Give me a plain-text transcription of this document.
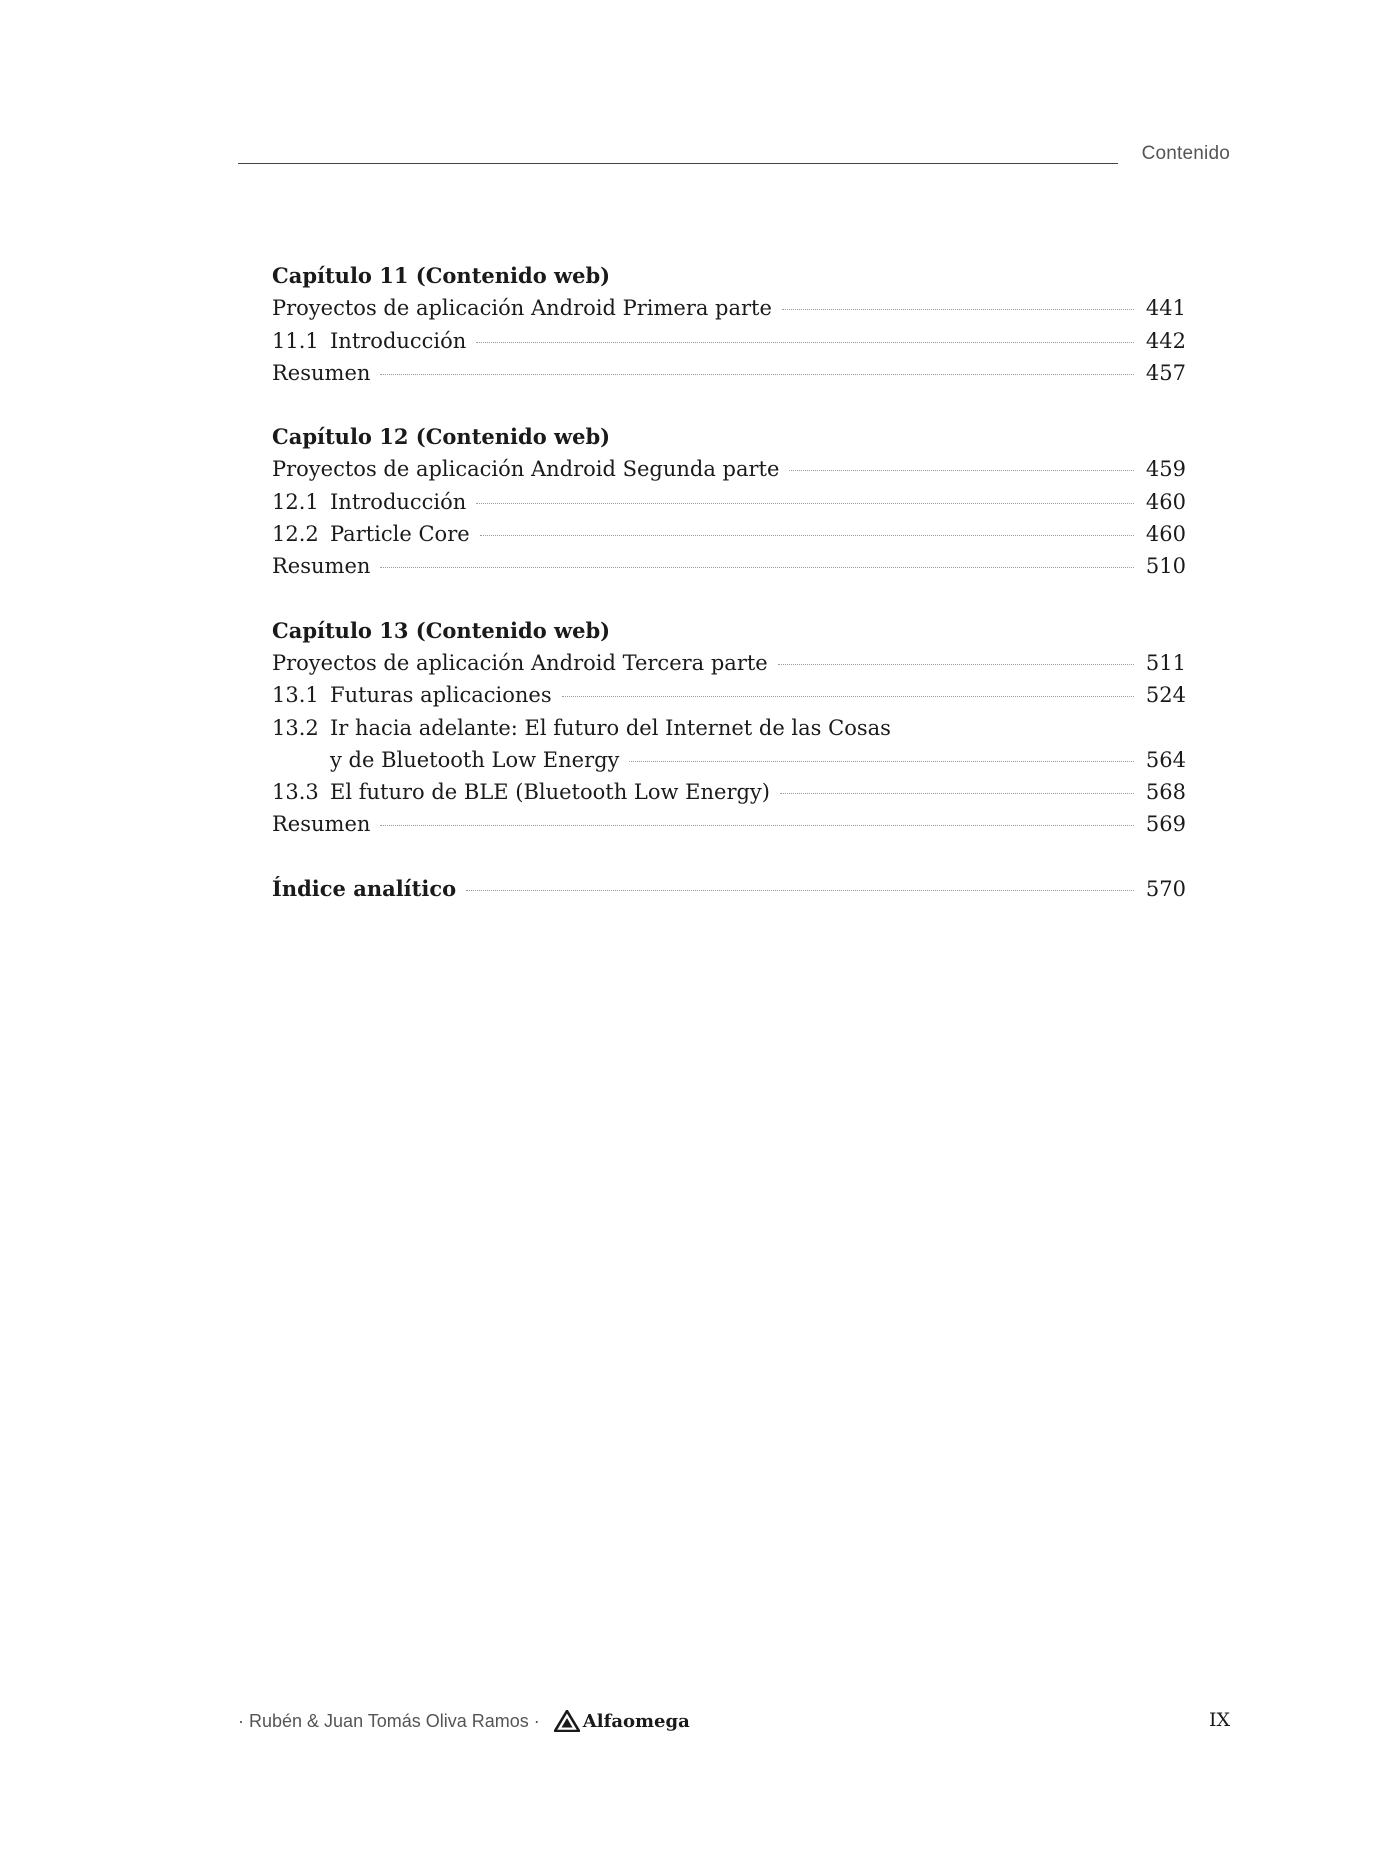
Contenido
Capítulo 11 (Contenido web)
Proyectos de aplicación Android Primera parte	441
11.1 Introducción	442
Resumen	457
Capítulo 12 (Contenido web)
Proyectos de aplicación Android Segunda parte	459
12.1 Introducción	460
12.2 Particle Core	460
Resumen	510
Capítulo 13 (Contenido web)
Proyectos de aplicación Android Tercera parte	511
13.1 Futuras aplicaciones	524
13.2 Ir hacia adelante: El futuro del Internet de las Cosas
y de Bluetooth Low Energy	564
13.3 El futuro de BLE (Bluetooth Low Energy)	568
Resumen	569
Índice analítico	570
· Rubén & Juan Tomás Oliva Ramos · Alfaomega	IX
